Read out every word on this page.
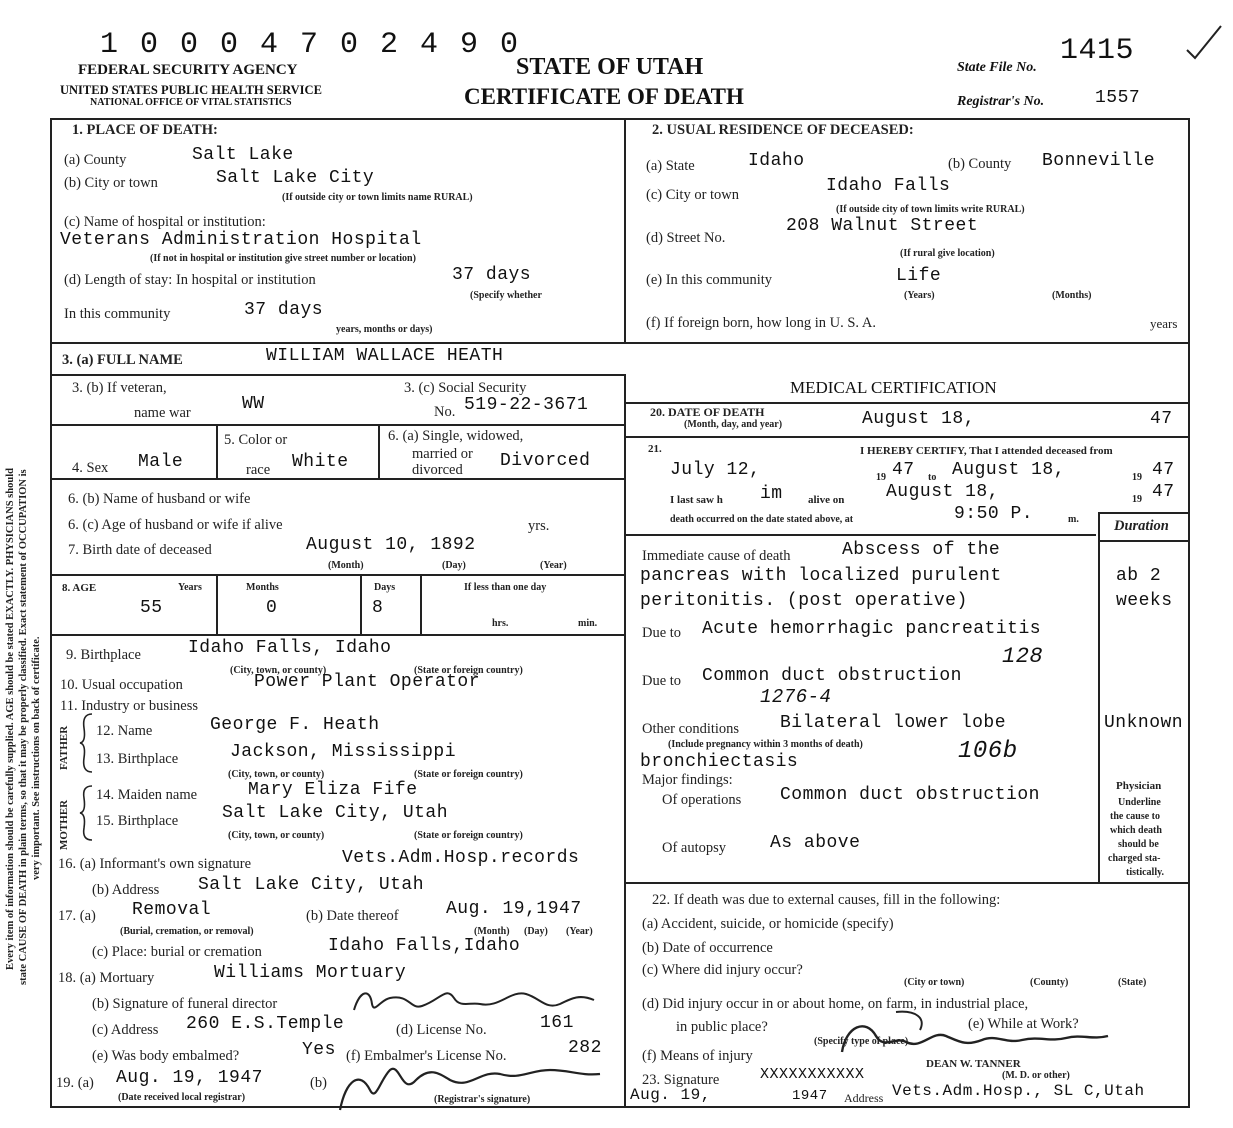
Every item of information should be carefully supplied. AGE should be stated EXACTLY. PHYSICIANS should state CAUSE OF DEATH in plain terms, so that it may be properly classified. Exact statement of OCCUPATION is very important. See instructions on back of certificate.
1 0 0 0 4 7 0 2 4 9 0
FEDERAL SECURITY AGENCY
UNITED STATES PUBLIC HEALTH SERVICE
NATIONAL OFFICE OF VITAL STATISTICS
STATE OF UTAH
CERTIFICATE OF DEATH
State File No. 1415
Registrar's No.	1557
1. PLACE OF DEATH:
(a) County	Salt Lake
(b) City or town	Salt Lake City
(If outside city or town limits name RURAL)
(c) Name of hospital or institution:
Veterans Administration Hospital
(If not in hospital or institution give street number or location)
(d) Length of stay: In hospital or institution	37 days
(Specify whether
In this community	37 days
years, months or days)
2. USUAL RESIDENCE OF DECEASED:
(a) State	Idaho	(b) County Bonneville
(c) City or town	Idaho Falls
(If outside city of town limits write RURAL)
(d) Street No.
208 Walnut Street
(If rural give location)
(e) In this community	Life
(Years)	(Months)
(f) If foreign born, how long in U. S. A.	years
3. (a) FULL NAME	WILLIAM WALLACE HEATH
3. (b) If veteran,
name war	WW
3. (c) Social Security
No. 519-22-3671
4. Sex Male
5. Color or
race White
6. (a) Single, widowed,
married or
divorced Divorced
6. (b) Name of husband or wife
6. (c) Age of husband or wife if alive	yrs.
7. Birth date of deceased	August 10, 1892
(Month)	(Day)	(Year)
8. AGE	Years	Months	Days	If less than one day
hrs.	min.
55	0	8
9. Birthplace	Idaho Falls, Idaho
(City, town, or county)	(State or foreign country)
10. Usual occupation	Power Plant Operator
11. Industry or business
FATHER
MOTHER
12. Name	George F. Heath
13. Birthplace	Jackson, Mississippi
(City, town, or county)	(State or foreign country)
14. Maiden name	Mary Eliza Fife
15. Birthplace Salt Lake City, Utah
(City, town, or county)	(State or foreign country)
16. (a) Informant's own signature	Vets.Adm.Hosp.records
(b) Address Salt Lake City, Utah
17. (a) Removal
(Burial, cremation, or removal)
(b) Date thereof	Aug. 19,1947
(Month) (Day) (Year)
(c) Place: burial or cremation	Idaho Falls,Idaho
18. (a) Mortuary	Williams Mortuary
(b) Signature of funeral director
(c) Address 260 E.S.Temple	(d) License No.	161
(e) Was body embalmed?	Yes (f) Embalmer's License No.	282
19. (a) Aug. 19, 1947
(Date received local registrar)
(b)
(Registrar's signature)
MEDICAL CERTIFICATION
20. DATE OF DEATH
(Month, day, and year)	August 18,	47
21.	I HEREBY CERTIFY, That I attended deceased from
July 12,	19 47 to August 18,	19 47
I last saw h im alive on August 18,	19 47
death occurred on the date stated above, at	9:50 P.	m. Duration
Immediate cause of death	Abscess of the
pancreas with localized purulent
peritonitis. (post operative)
ab 2
weeks
Due to Acute hemorrhagic pancreatitis
128
Due to Common duct obstruction
1276-4
Other conditions Bilateral lower lobe	Unknown
(Include pregnancy within 3 months of death)
bronchiectasis	106b
Major findings:
Of operations Common duct obstruction
Of autopsy As above
Physician
Underline
the cause to
which death
should be
charged sta-
tistically.
22. If death was due to external causes, fill in the following:
(a) Accident, suicide, or homicide (specify)
(b) Date of occurrence
(c) Where did injury occur?
(City or town)	(County)	(State)
(d) Did injury occur in or about home, on farm, in industrial place,
in public place?
(Specify type of place)
(e) While at Work?
(f) Means of injury
23. Signature	XXXXXXXXXXX
DEAN W. TANNER
(M. D. or other)
Aug. 19,	1947 Address Vets.Adm.Hosp., SL C,Utah
